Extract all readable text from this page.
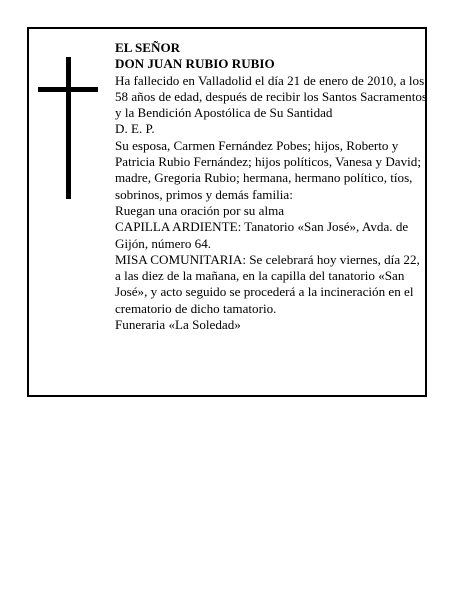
EL SEÑOR

DON JUAN RUBIO RUBIO

Ha fallecido en Valladolid el día 21 de enero de 2010, a los 58 años de edad, después de recibir los Santos Sacramentos y la Bendición Apostólica de Su Santidad

D. E. P.

Su esposa, Carmen Fernández Pobes; hijos, Roberto y Patricia Rubio Fernández; hijos políticos, Vanesa y David; madre, Gregoria Rubio; hermana, hermano político, tíos, sobrinos, primos y demás familia:

Ruegan una oración por su alma

CAPILLA ARDIENTE: Tanatorio «San José», Avda. de Gijón, número 64.

MISA COMUNITARIA: Se celebrará hoy viernes, día 22, a las diez de la mañana, en la capilla del tanatorio «San José», y acto seguido se procederá a la incineración en el crematorio de dicho tamatorio.

Funeraria «La Soledad»
